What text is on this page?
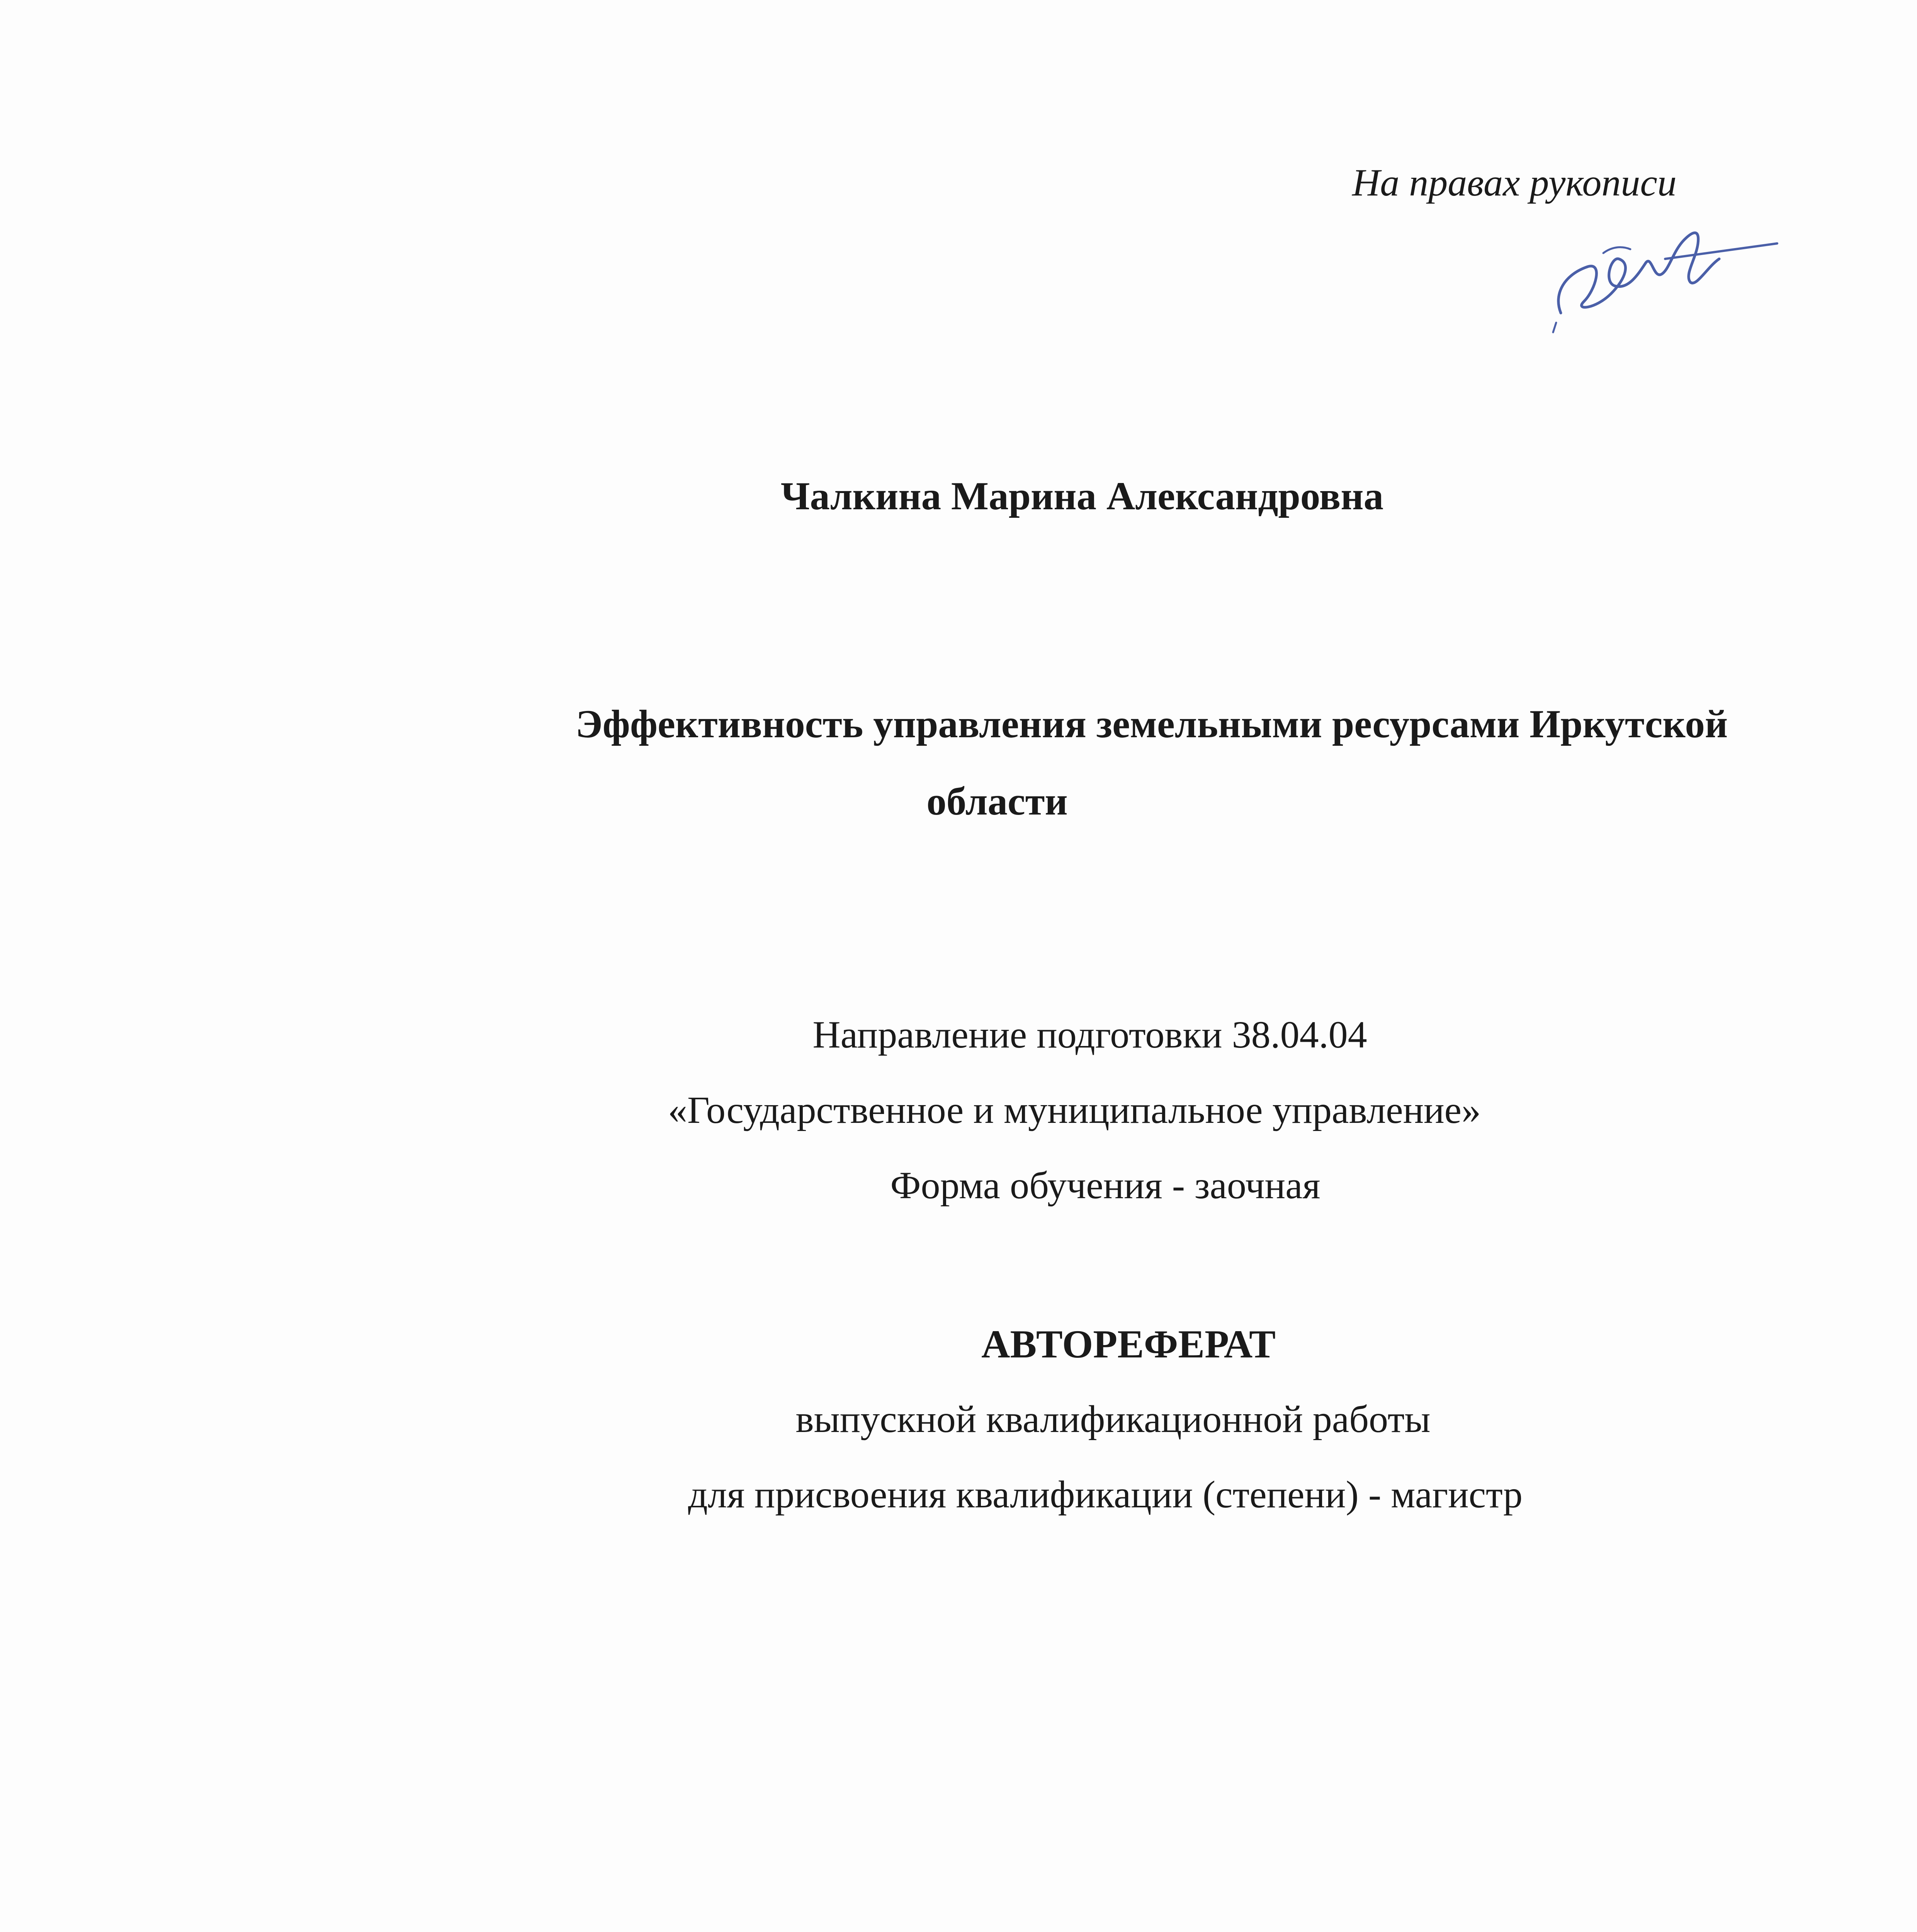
На правах рукописи
Чалкина Марина Александровна
Эффективность управления земельными ресурсами Иркутской
области
Направление подготовки 38.04.04
«Государственное и муниципальное управление»
Форма обучения - заочная
АВТОРЕФЕРАТ
выпускной квалификационной работы
для присвоения квалификации (степени) - магистр
